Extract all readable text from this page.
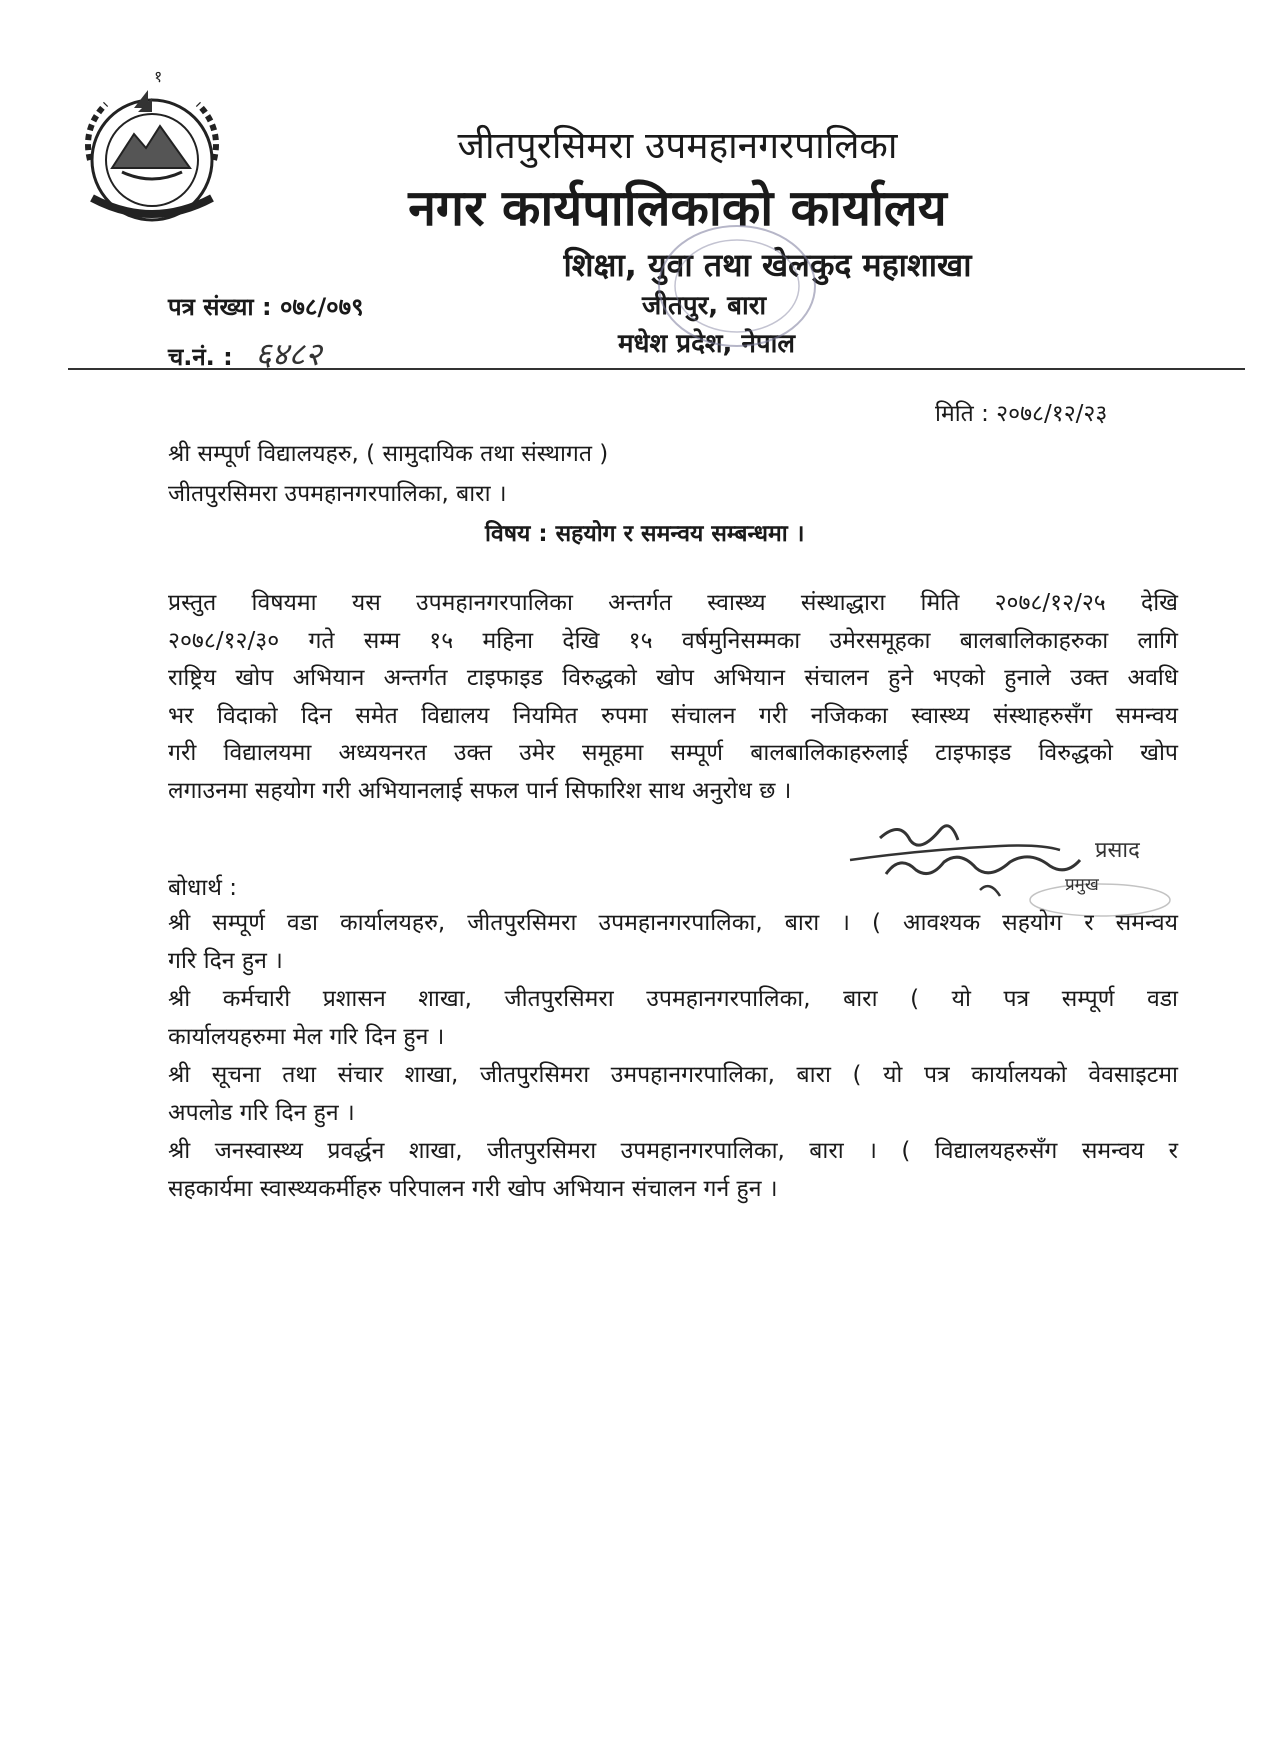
१
जीतपुरसिमरा उपमहानगरपालिका
नगर कार्यपालिकाको कार्यालय
शिक्षा, युवा तथा खेलकुद महाशाखा
जीतपुर, बारा
मधेश प्रदेश, नेपाल
पत्र संख्या : ०७८/०७९
च.नं. : ६४८२
मिति : २०७८/१२/२३
श्री सम्पूर्ण विद्यालयहरु, ( सामुदायिक तथा संस्थागत )
जीतपुरसिमरा उपमहानगरपालिका, बारा ।
विषय : सहयोग र समन्वय सम्बन्धमा ।
प्रस्तुत विषयमा यस उपमहानगरपालिका अन्तर्गत स्वास्थ्य संस्थाद्धारा मिति २०७८/१२/२५ देखि
२०७८/१२/३० गते सम्म १५ महिना देखि १५ वर्षमुनिसम्मका उमेरसमूहका बालबालिकाहरुका लागि
राष्ट्रिय खोप अभियान अन्तर्गत टाइफाइड विरुद्धको खोप अभियान संचालन हुने भएको हुनाले उक्त अवधि
भर विदाको दिन समेत विद्यालय नियमित रुपमा संचालन गरी नजिकका स्वास्थ्य संस्थाहरुसँग समन्वय
गरी विद्यालयमा अध्ययनरत उक्त उमेर समूहमा सम्पूर्ण बालबालिकाहरुलाई टाइफाइड विरुद्धको खोप
लगाउनमा सहयोग गरी अभियानलाई सफल पार्न सिफारिश साथ अनुरोध छ ।
प्रसाद
प्रमुख
बोधार्थ :
श्री सम्पूर्ण वडा कार्यालयहरु, जीतपुरसिमरा उपमहानगरपालिका, बारा । ( आवश्यक सहयोग र समन्वय
गरि दिन हुन ।
श्री कर्मचारी प्रशासन शाखा, जीतपुरसिमरा उपमहानगरपालिका, बारा ( यो पत्र सम्पूर्ण वडा
कार्यालयहरुमा मेल गरि दिन हुन ।
श्री सूचना तथा संचार शाखा, जीतपुरसिमरा उमपहानगरपालिका, बारा ( यो पत्र कार्यालयको वेवसाइटमा
अपलोड गरि दिन हुन ।
श्री जनस्वास्थ्य प्रवर्द्धन शाखा, जीतपुरसिमरा उपमहानगरपालिका, बारा । ( विद्यालयहरुसँग समन्वय र
सहकार्यमा स्वास्थ्यकर्मीहरु परिपालन गरी खोप अभियान संचालन गर्न हुन ।
